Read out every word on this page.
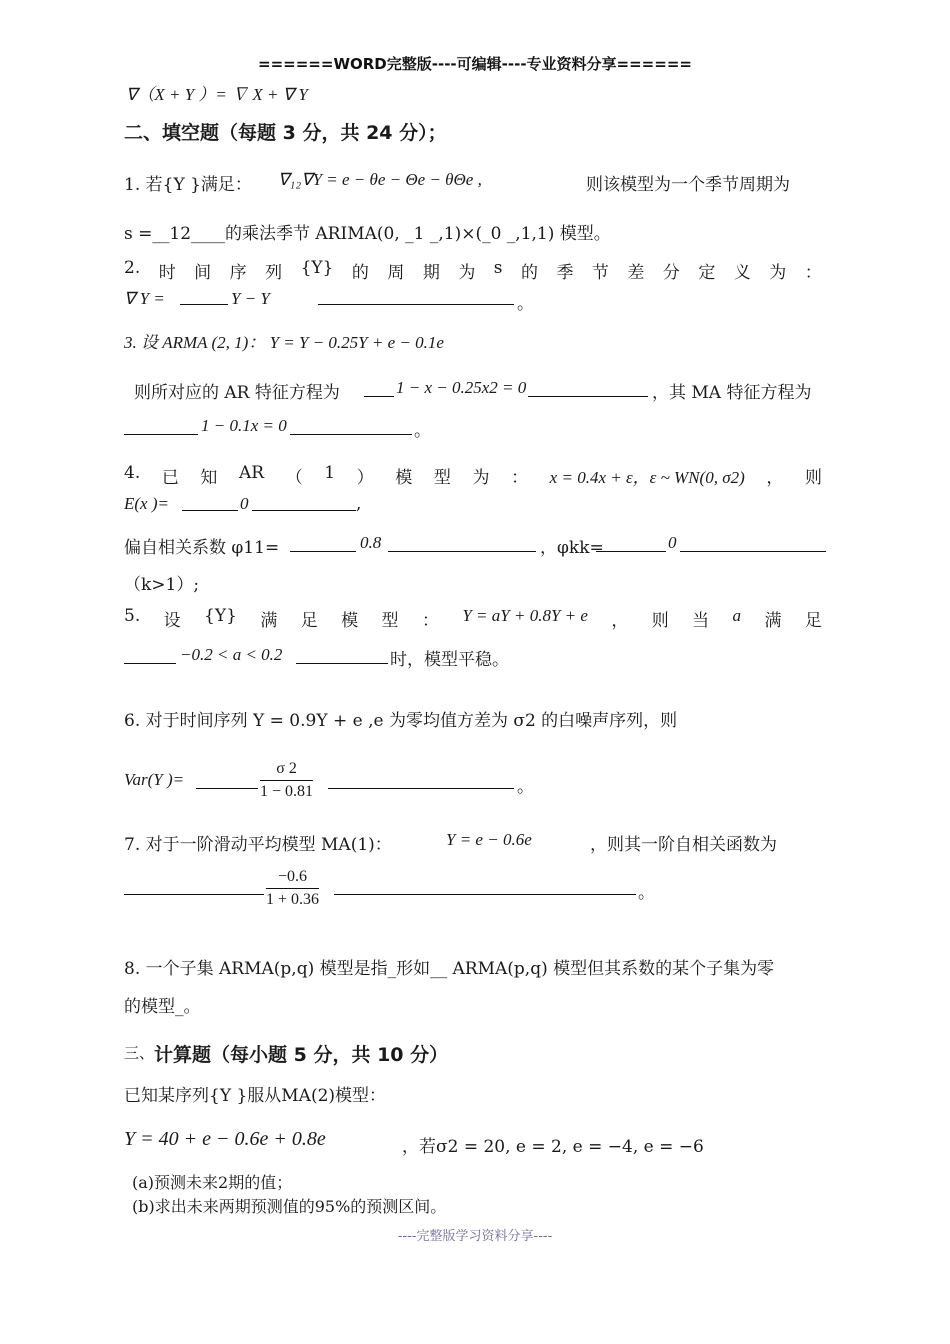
======WORD完整版----可编辑----专业资料分享======
∇（X + Y ）= ∇ X + ∇ Y
二、填空题（每题 3 分，共 24 分）；
1. 若{Y }满足： ∇₁₂∇Y = e − θe − Θe − θΘe ,	则该模型为一个季节周期为
s =__12____的乘法季节 ARIMA(0, _1 _,1)×(_0 _,1,1) 模型。
2. 时 间 序 列 {Y} 的 周 期 为 s 的 季 节 差 分 定 义 为 ：
∇ Y =	Y − Y	。
3. 设 ARMA (2, 1)： Y = Y − 0.25Y + e − 0.1e
则所对应的 AR 特征方程为	1 − x − 0.25x2 = 0	，其 MA 特征方程为
1 − 0.1x = 0	。
4. 已 知 AR （ 1 ） 模 型 为 ： x = 0.4x + ε，ε ~ WN(0, σ2) ， 则
E(x )=	0	,
偏自相关系数 φ11=	0.8	，φkk=	0
（k>1）;
5. 设 {Y} 满 足 模 型 ： Y = aY + 0.8Y + e ， 则 当 a 满 足
−0.2 < a < 0.2	时，模型平稳。
6. 对于时间序列 Y = 0.9Y + e ,e 为零均值方差为 σ2 的白噪声序列，则
Var(Y )=	$\frac{\sigma 2}{1 - 0.81}$	。
7. 对于一阶滑动平均模型 MA(1)：	Y = e − 0.6e	，则其一阶自相关函数为
$\frac{-0.6}{1 + 0.36}$	。
8. 一个子集 ARMA(p,q) 模型是指_形如__ ARMA(p,q) 模型但其系数的某个子集为零
的模型_。
三、 计算题（每小题 5 分，共 10 分）
已知某序列{Y }服从MA(2)模型：
Y = 40 + e − 0.6e + 0.8e	，若σ2 = 20, e = 2, e = −4, e = −6
(a)预测未来2期的值；
(b)求出未来两期预测值的95%的预测区间。
----完整版学习资料分享----
